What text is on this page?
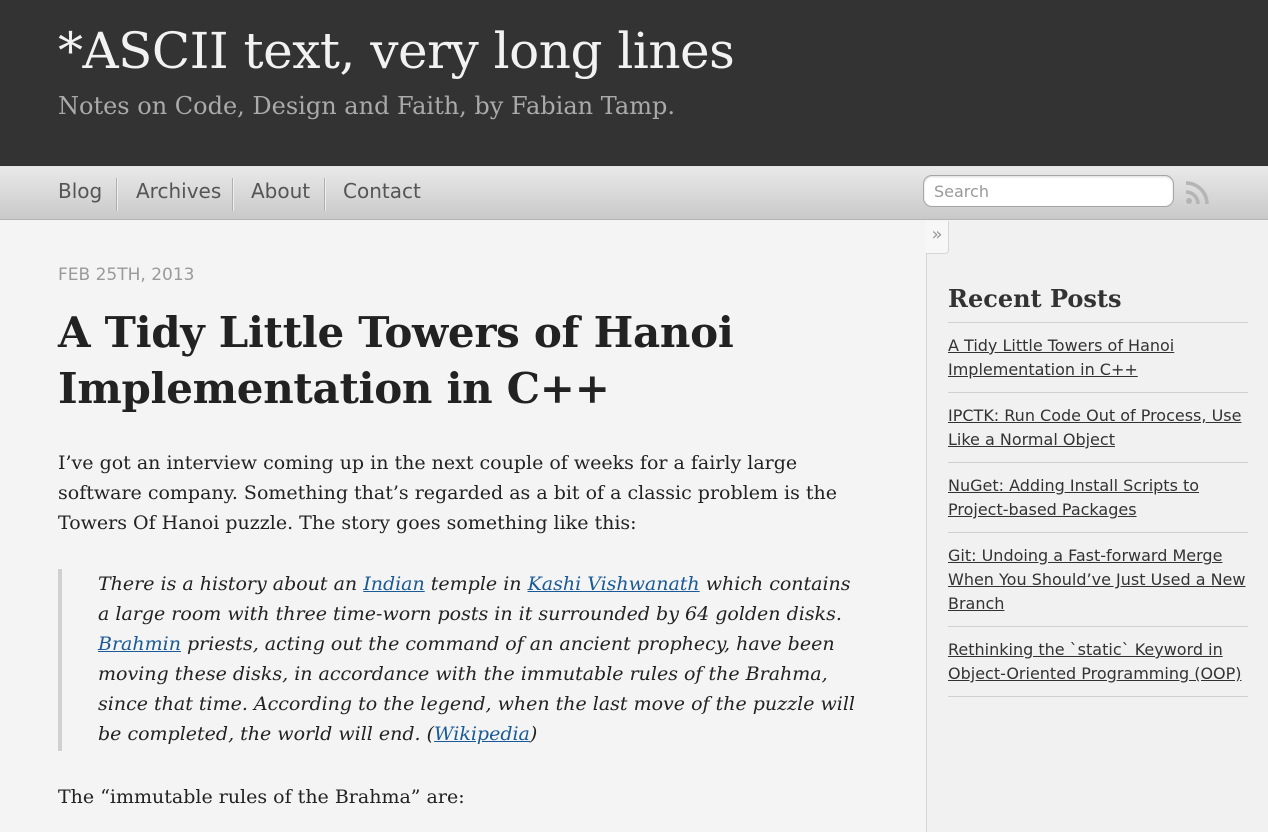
*ASCII text, very long lines
Notes on Code, Design and Faith, by Fabian Tamp.
Blog Archives About Contact
Search
FEB 25TH, 2013
A Tidy Little Towers of Hanoi Implementation in C++

I’ve got an interview coming up in the next couple of weeks for a fairly large software company. Something that’s regarded as a bit of a classic problem is the Towers Of Hanoi puzzle. The story goes something like this:

There is a history about an Indian temple in Kashi Vishwanath which contains a large room with three time-worn posts in it surrounded by 64 golden disks. Brahmin priests, acting out the command of an ancient prophecy, have been moving these disks, in accordance with the immutable rules of the Brahma, since that time. According to the legend, when the last move of the puzzle will be completed, the world will end. (Wikipedia)

The “immutable rules of the Brahma” are:

»
Recent Posts
A Tidy Little Towers of Hanoi Implementation in C++
IPCTK: Run Code Out of Process, Use Like a Normal Object
NuGet: Adding Install Scripts to Project-based Packages
Git: Undoing a Fast-forward Merge When You Should’ve Just Used a New Branch
Rethinking the `static` Keyword in Object-Oriented Programming (OOP)
